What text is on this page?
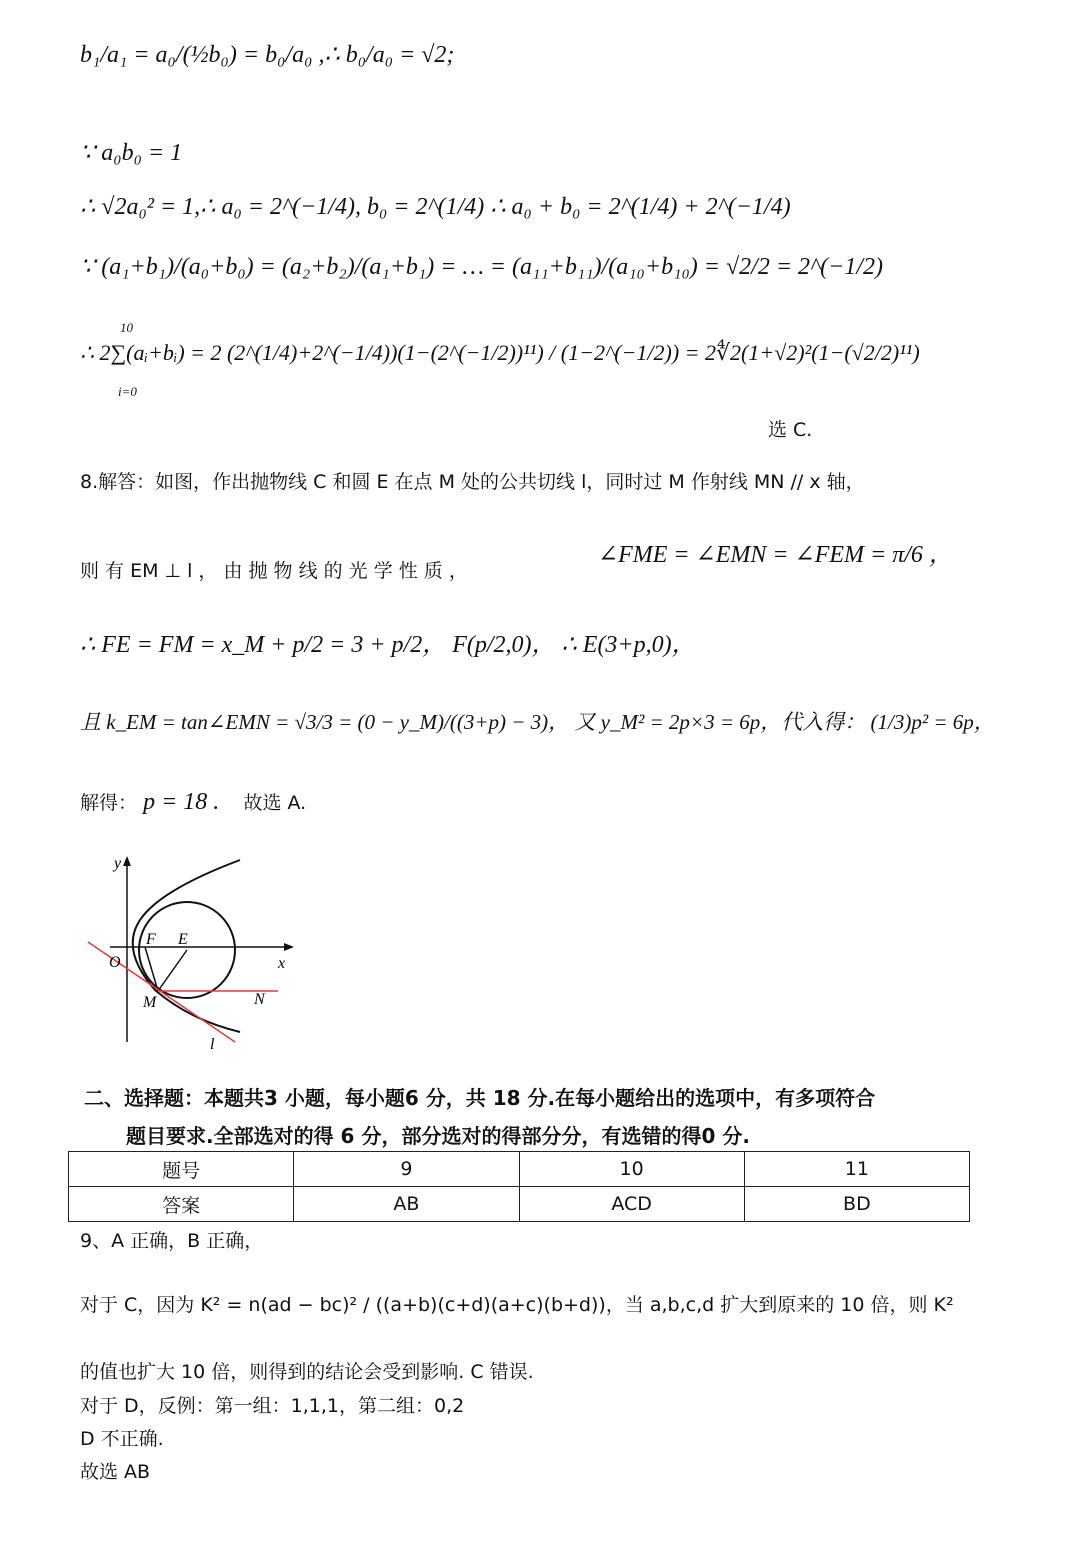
b₁/a₁ = a₀/(½b₀) = b₀/a₀ ,∴ b₀/a₀ = √2;
∵ a₀b₀ = 1
∴ √2a₀² = 1,∴ a₀ = 2^(−1/4), b₀ = 2^(1/4) ∴ a₀ + b₀ = 2^(1/4) + 2^(−1/4)
∵ (a₁+b₁)/(a₀+b₀) = (a₂+b₂)/(a₁+b₁) = … = (a₁₁+b₁₁)/(a₁₀+b₁₀) = √2/2 = 2^(−1/2)
∴ 2∑(aᵢ+bᵢ) = 2 (2^(1/4)+2^(−1/4))(1−(2^(−1/2))¹¹) / (1−2^(−1/2)) = 2∜2(1+√2)²(1−(√2/2)¹¹)
10
i=0
选 C.
8.解答：如图，作出抛物线 C 和圆 E 在点 M 处的公共切线 l，同时过 M 作射线 MN // x 轴，
则 有 EM ⊥ l ， 由 抛 物 线 的 光 学 性 质 ，
∠FME = ∠EMN = ∠FEM = π/6 ，
∴ FE = FM = x_M + p/2 = 3 + p/2， F(p/2,0)， ∴ E(3+p,0)，
且 k_EM = tan∠EMN = √3/3 = (0 − y_M)/((3+p) − 3)， 又 y_M² = 2p×3 = 6p，代入得： (1/3)p² = 6p，
解得： p = 18 . 故选 A.
y
x
O
F E
M	N
l
二、选择题：本题共3 小题，每小题6 分，共 18 分.在每小题给出的选项中，有多项符合
题目要求.全部选对的得 6 分，部分选对的得部分分，有选错的得0 分.
题号	9	10	11
答案	AB	ACD	BD
9、A 正确，B 正确，
对于 C，因为 K² = n(ad − bc)² / ((a+b)(c+d)(a+c)(b+d))，当 a,b,c,d 扩大到原来的 10 倍，则 K²
的值也扩大 10 倍，则得到的结论会受到影响. C 错误.
对于 D，反例：第一组：1,1,1，第二组：0,2
D 不正确.
故选 AB
